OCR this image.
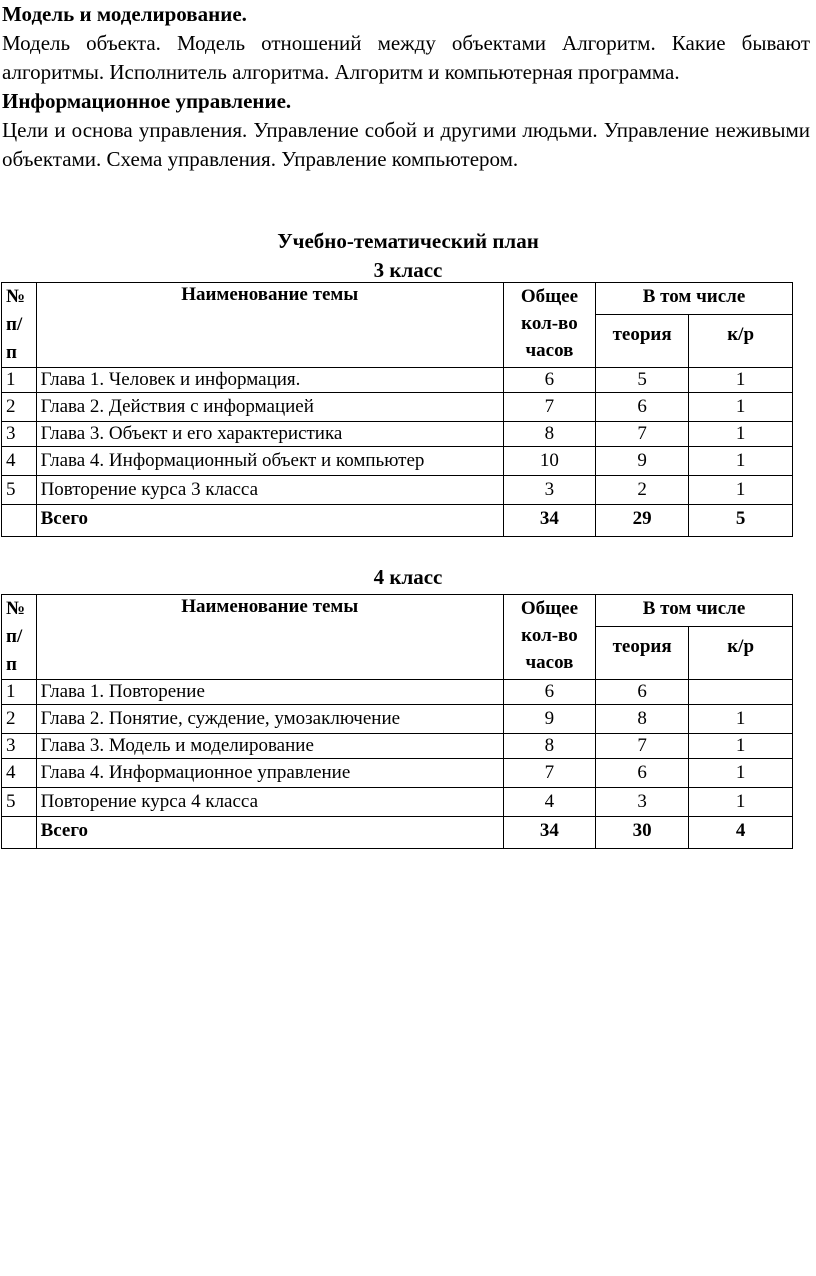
Модель и моделирование.

Модель объекта. Модель отношений между объектами Алгоритм. Какие бывают алгоритмы. Исполнитель алгоритма. Алгоритм и компьютерная программа.

Информационное управление.

Цели и основа управления. Управление собой и другими людьми. Управление неживыми объектами. Схема управления. Управление компьютером.

Учебно-тематический план

3 класс

№ п/п	Наименование темы	Общее кол-во часов	В том числе	
			теория	к/р
1	Глава 1. Человек и информация.	6	5	1
2	Глава 2. Действия с информацией	7	6	1
3	Глава 3. Объект и его характеристика	8	7	1
4	Глава 4. Информационный объект и компьютер	10	9	1
5	Повторение курса 3 класса	3	2	1
	Всего	34	29	5

4 класс

№ п/п	Наименование темы	Общее кол-во часов	В том числе	
			теория	к/р
1	Глава 1. Повторение	6	6	
2	Глава 2. Понятие, суждение, умозаключение	9	8	1
3	Глава 3. Модель и моделирование	8	7	1
4	Глава 4. Информационное управление	7	6	1
5	Повторение курса 4 класса	4	3	1
	Всего	34	30	4
